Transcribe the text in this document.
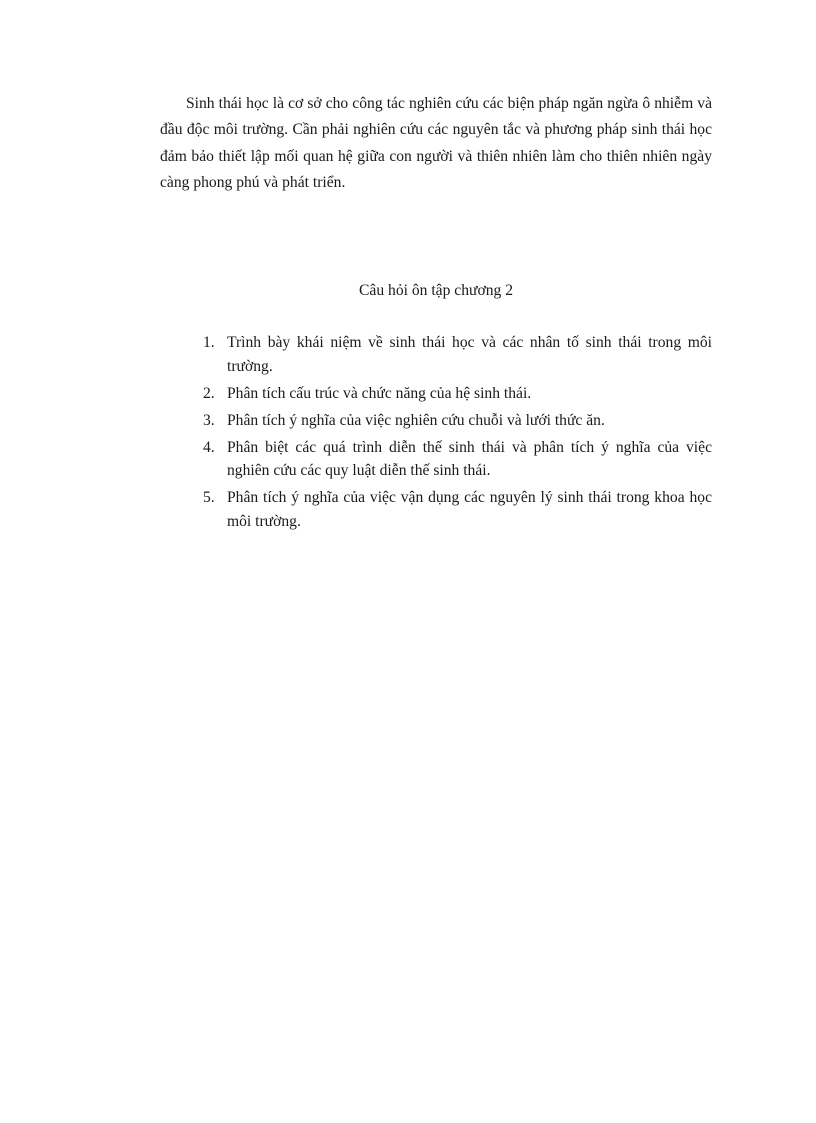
Sinh thái học là cơ sở cho công tác nghiên cứu các biện pháp ngăn ngừa ô nhiễm và đầu độc môi trường. Cần phải nghiên cứu các nguyên tắc và phương pháp sinh thái học đảm bảo thiết lập mối quan hệ giữa con người và thiên nhiên làm cho thiên nhiên ngày càng phong phú và phát triển.

Câu hỏi ôn tập chương 2

1. Trình bày khái niệm về sinh thái học và các nhân tố sinh thái trong môi trường.
2. Phân tích cấu trúc và chức năng của hệ sinh thái.
3. Phân tích ý nghĩa của việc nghiên cứu chuỗi và lưới thức ăn.
4. Phân biệt các quá trình diễn thế sinh thái và phân tích ý nghĩa của việc nghiên cứu các quy luật diễn thế sinh thái.
5. Phân tích ý nghĩa của việc vận dụng các nguyên lý sinh thái trong khoa học môi trường.
